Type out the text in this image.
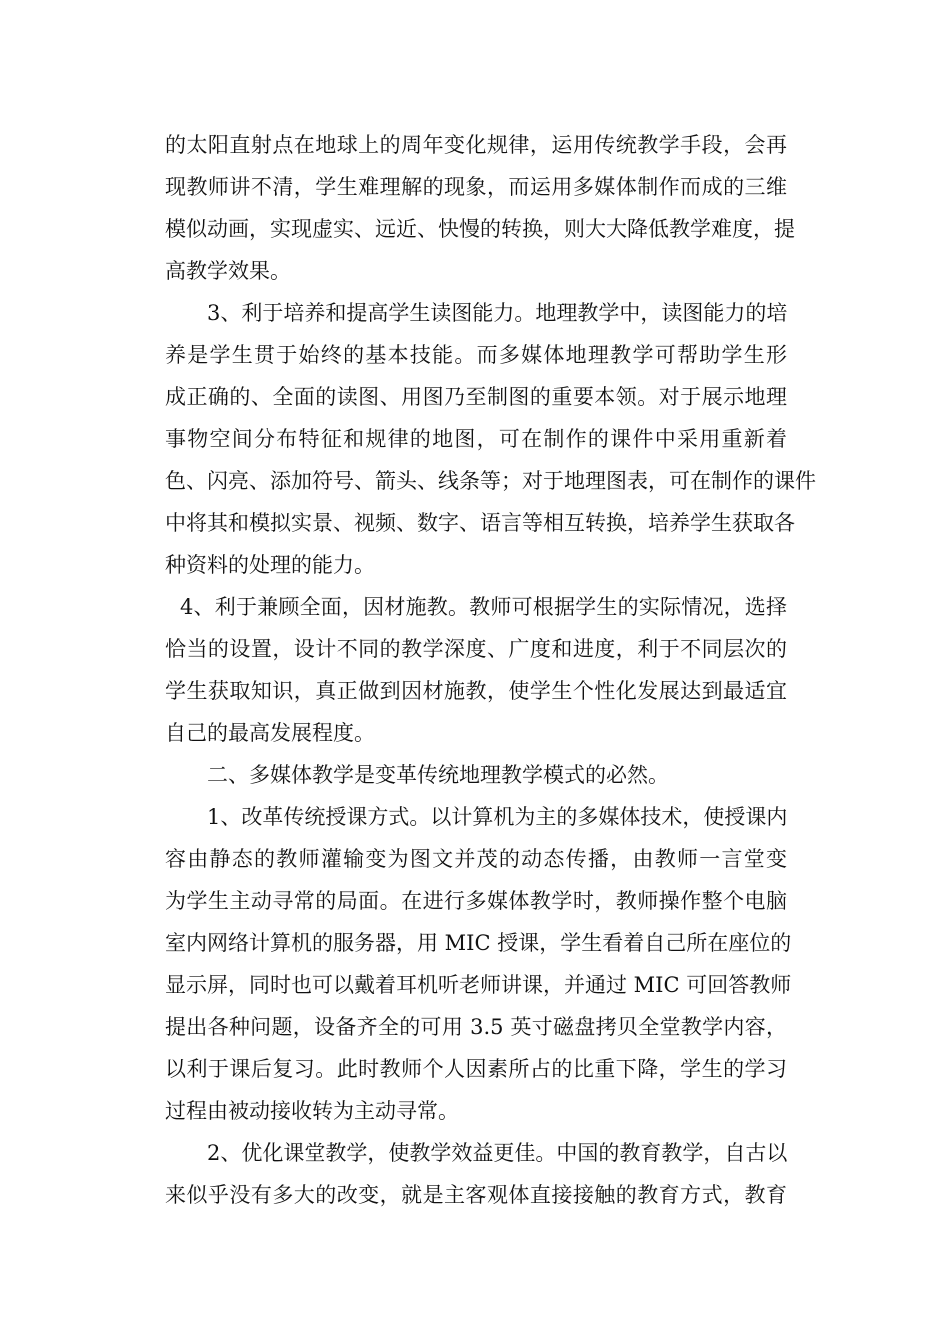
的太阳直射点在地球上的周年变化规律，运用传统教学手段，会再
现教师讲不清，学生难理解的现象，而运用多媒体制作而成的三维
模似动画，实现虚实、远近、快慢的转换，则大大降低教学难度，提
高教学效果。
3、利于培养和提高学生读图能力。地理教学中，读图能力的培
养是学生贯于始终的基本技能。而多媒体地理教学可帮助学生形
成正确的、全面的读图、用图乃至制图的重要本领。对于展示地理
事物空间分布特征和规律的地图，可在制作的课件中采用重新着
色、闪亮、添加符号、箭头、线条等；对于地理图表，可在制作的课件
中将其和模拟实景、视频、数字、语言等相互转换，培养学生获取各
种资料的处理的能力。
4、利于兼顾全面，因材施教。教师可根据学生的实际情况，选择
恰当的设置，设计不同的教学深度、广度和进度，利于不同层次的
学生获取知识，真正做到因材施教，使学生个性化发展达到最适宜
自己的最高发展程度。
二、多媒体教学是变革传统地理教学模式的必然。
1、改革传统授课方式。以计算机为主的多媒体技术，使授课内
容由静态的教师灌输变为图文并茂的动态传播，由教师一言堂变
为学生主动寻常的局面。在进行多媒体教学时，教师操作整个电脑
室内网络计算机的服务器，用 MIC 授课，学生看着自己所在座位的
显示屏，同时也可以戴着耳机听老师讲课，并通过 MIC 可回答教师
提出各种问题，设备齐全的可用 3.5 英寸磁盘拷贝全堂教学内容，
以利于课后复习。此时教师个人因素所占的比重下降，学生的学习
过程由被动接收转为主动寻常。
2、优化课堂教学，使教学效益更佳。中国的教育教学，自古以
来似乎没有多大的改变，就是主客观体直接接触的教育方式，教育
